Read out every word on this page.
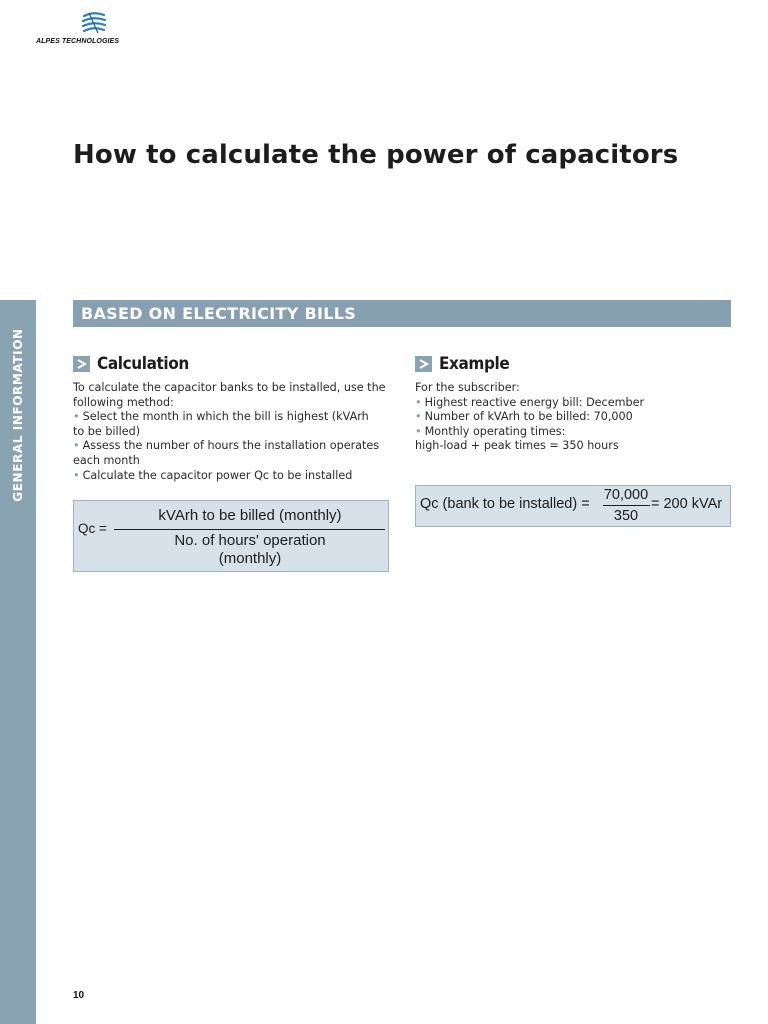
ALPES TECHNOLOGIES
How to calculate the power of capacitors
GENERAL INFORMATION
BASED ON ELECTRICITY BILLS
Calculation
To calculate the capacitor banks to be installed, use the
following method:
• Select the month in which the bill is highest (kVArh
to be billed)
• Assess the number of hours the installation operates
each month
• Calculate the capacitor power Qc to be installed
Qc =
kVArh to be billed (monthly)
No. of hours' operation
(monthly)
Example
For the subscriber:
• Highest reactive energy bill: December
• Number of kVArh to be billed: 70,000
• Monthly operating times:
high-load + peak times = 350 hours
Qc (bank to be installed) =
70,000
350
= 200 kVAr
10
